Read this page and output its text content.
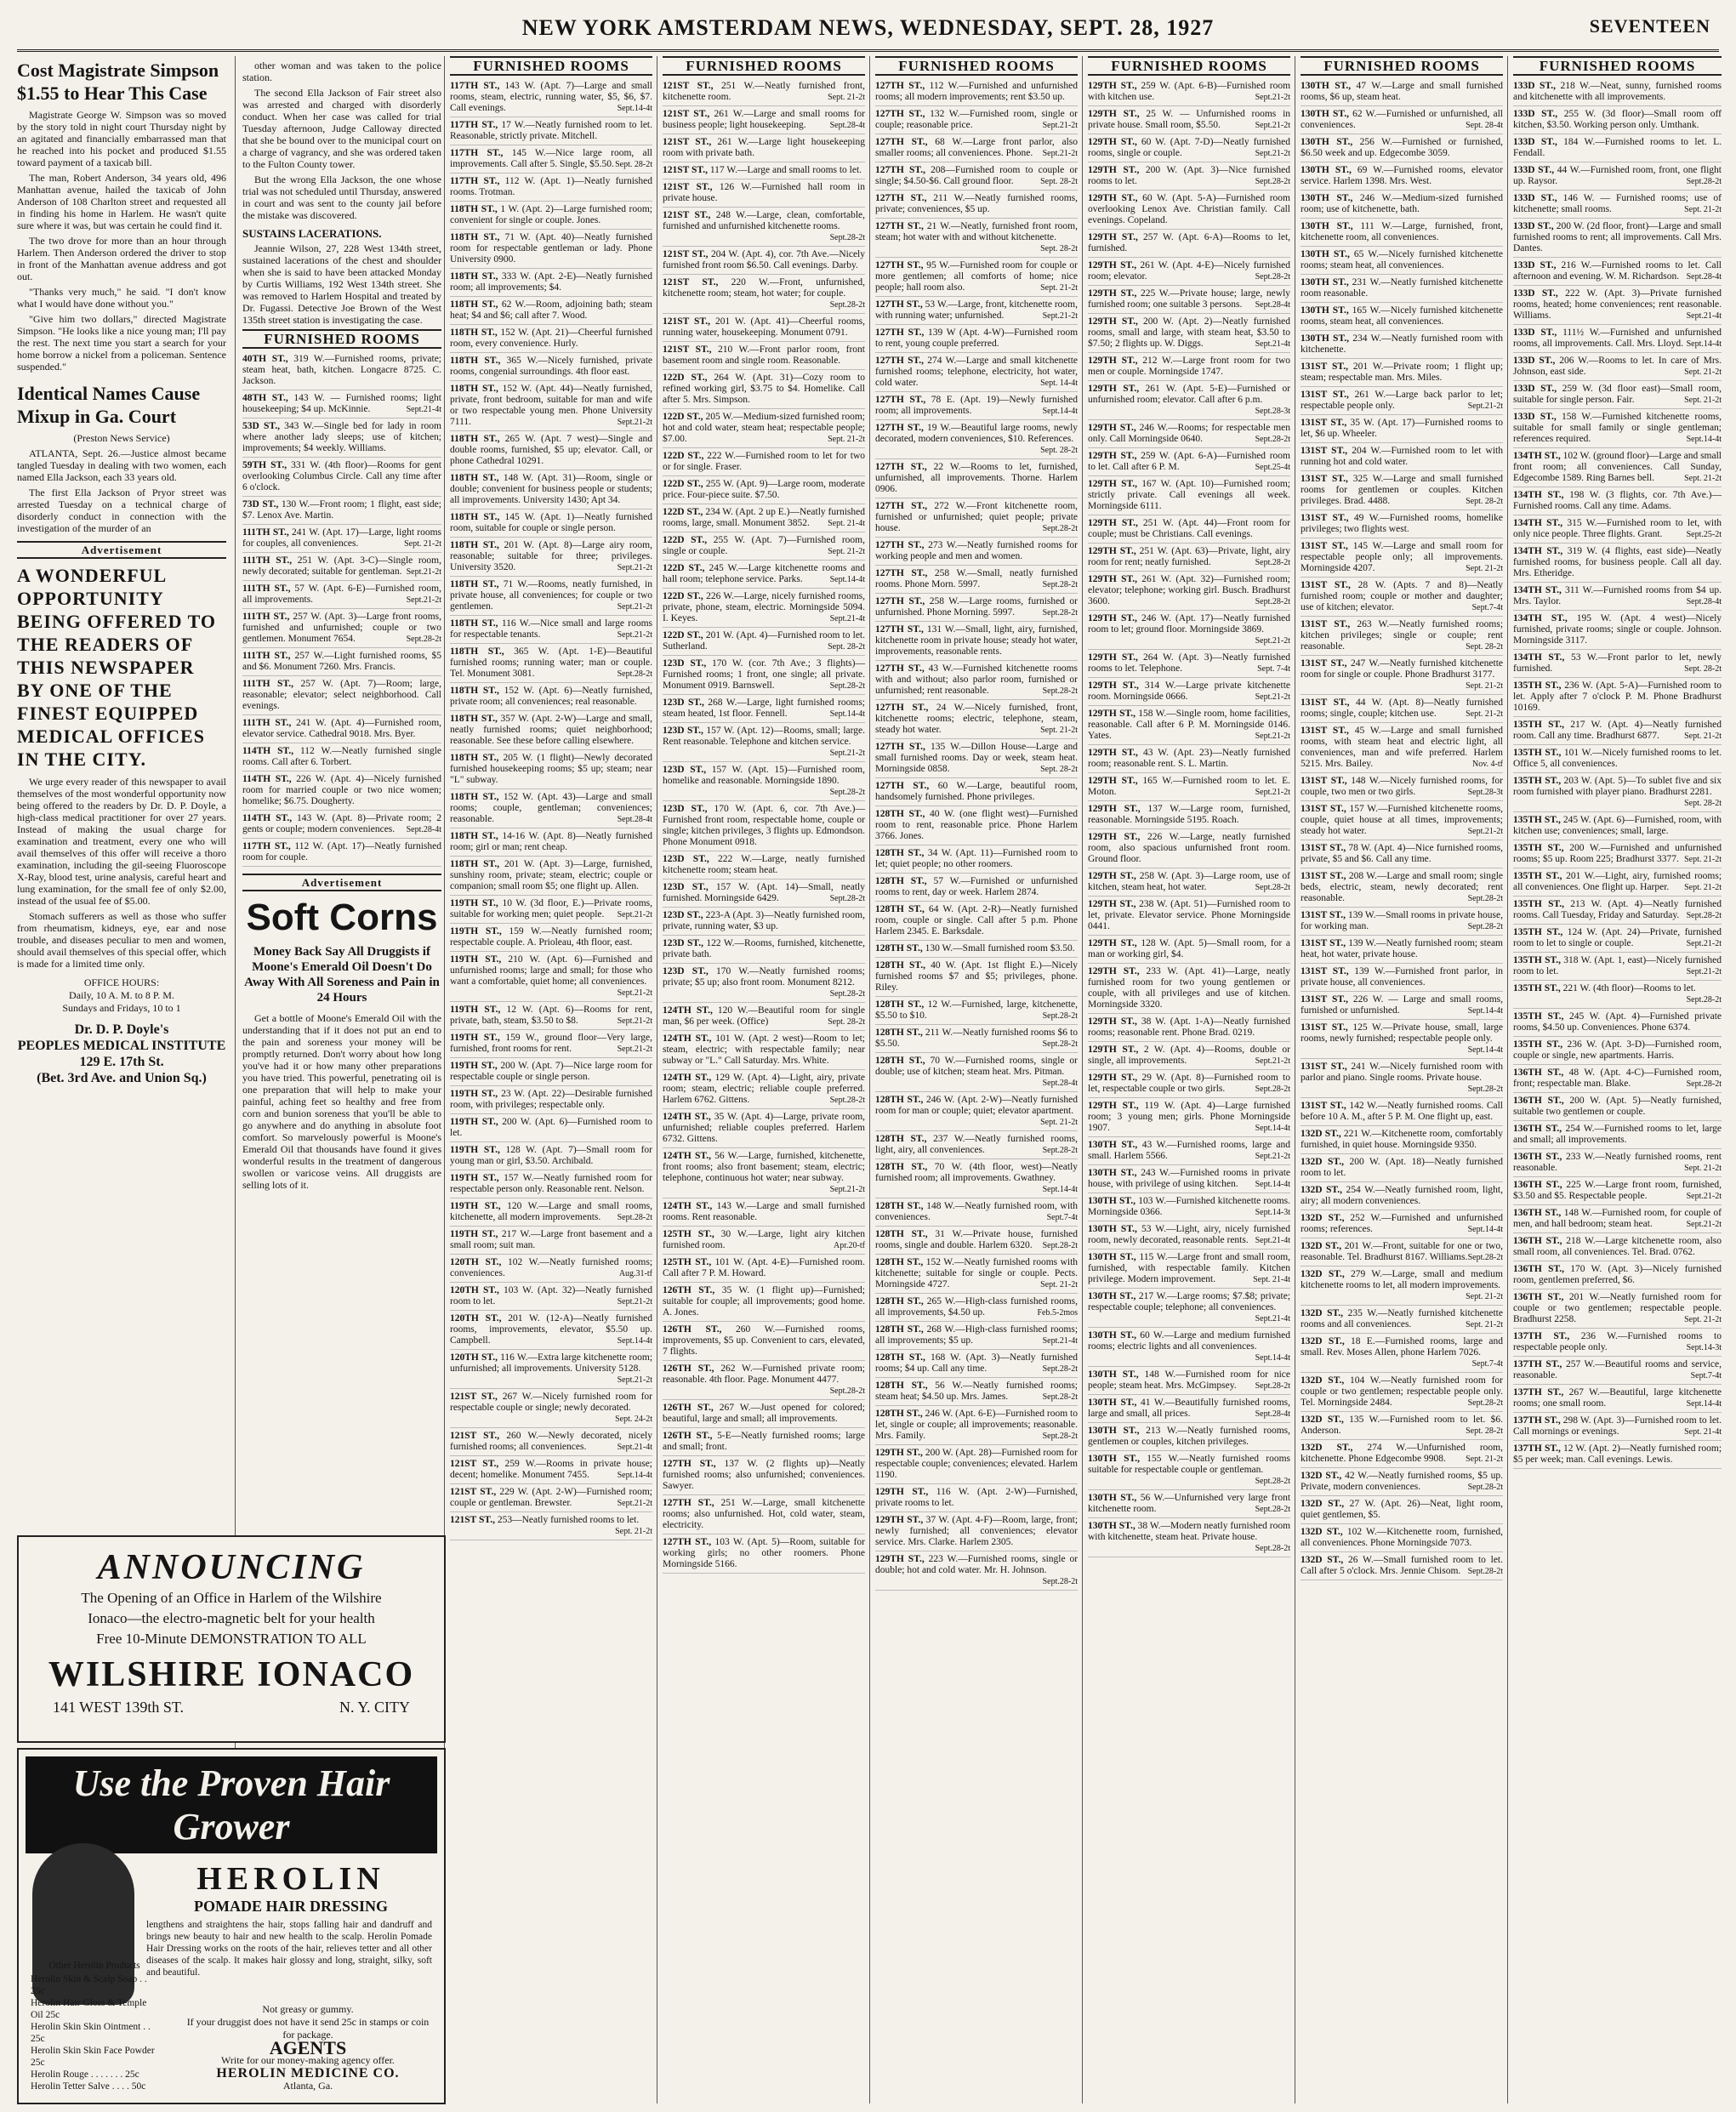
NEW YORK AMSTERDAM NEWS, WEDNESDAY, SEPT. 28, 1927	SEVENTEEN
Cost Magistrate Simpson
$1.55 to Hear This Case

Magistrate George W. Simpson was so moved by the story told in night court Thursday night by an agitated and financially embarrassed man that he reached into his pocket and produced $1.55 toward payment of a taxicab bill.

The man, Robert Anderson, 34 years old, 496 Manhattan avenue, hailed the taxicab of John Anderson of 108 Charlton street and requested all in finding his home in Harlem. He wasn't quite sure where it was, but was certain he could find it.

The two drove for more than an hour through Harlem. Then Anderson ordered the driver to stop in front of the Manhattan avenue address and got out.

"Thanks very much," he said. "I don't know what I would have done without you."

"Give him two dollars," directed Magistrate Simpson. "He looks like a nice young man; I'll pay the rest. The next time you start a search for your home borrow a nickel from a policeman. Sentence suspended."

Identical Names Cause
Mixup in Ga. Court
(Preston News Service)

ATLANTA, Sept. 26.—Justice almost became tangled Tuesday in dealing with two women, each named Ella Jackson, each 33 years old.

The first Ella Jackson of Pryor street was arrested Tuesday on a technical charge of disorderly conduct in connection with the investigation of the murder of an

Advertisement
A WONDERFUL OPPORTUNITY BEING OFFERED TO THE READERS OF THIS NEWSPAPER BY ONE OF THE FINEST EQUIPPED MEDICAL OFFICES IN THE CITY.

We urge every reader of this newspaper to avail themselves of the most wonderful opportunity now being offered to the readers by Dr. D. P. Doyle, a high-class medical practitioner for over 27 years. Instead of making the usual charge for examination and treatment, every one who will avail themselves of this offer will receive a thoro examination, including the gil-seeing Fluoroscope X-Ray, blood test, urine analysis, careful heart and lung examination, for the small fee of only $2.00, instead of the usual fee of $5.00.

Stomach sufferers as well as those who suffer from rheumatism, kidneys, eye, ear and nose trouble, and diseases peculiar to men and women, should avail themselves of this special offer, which is made for a limited time only.

OFFICE HOURS:
Daily, 10 A. M. to 8 P. M.
Sundays and Fridays, 10 to 1
Dr. D. P. Doyle's
PEOPLES MEDICAL INSTITUTE
129 E. 17th St.
(Bet. 3rd Ave. and Union Sq.)

other woman and was taken to the police station.

The second Ella Jackson of Fair street also was arrested and charged with disorderly conduct. When her case was called for trial Tuesday afternoon, Judge Calloway directed that she be bound over to the municipal court on a charge of vagrancy, and she was ordered taken to the Fulton County tower.

But the wrong Ella Jackson, the one whose trial was not scheduled until Thursday, answered in court and was sent to the county jail before the mistake was discovered.

SUSTAINS LACERATIONS.

Jeannie Wilson, 27, 228 West 134th street, sustained lacerations of the chest and shoulder when she is said to have been attacked Monday by Curtis Williams, 192 West 134th street. She was removed to Harlem Hospital and treated by Dr. Fugassi. Detective Joe Brown of the West 135th street station is investigating the case.

FURNISHED ROOMS
40TH ST., 319 W.—Furnished rooms, private; steam heat, bath, kitchen. Longacre 8725. C. Jackson.
48TH ST., 143 W. — Furnished rooms; light housekeeping; $4 up. McKinnie.	Sept.21-4t
53D ST., 343 W.—Single bed for lady in room where another lady sleeps; use of kitchen; improvements; $4 weekly. Williams.
59TH ST., 331 W. (4th floor)—Rooms for gent overlooking Columbus Circle. Call any time after 6 o'clock.
73D ST., 130 W.—Front room; 1 flight, east side; $7. Lenox Ave. Martin.
111TH ST., 241 W. (Apt. 17)—Large, light rooms for couples, all conveniences.	Sept. 21-2t
111TH ST., 251 W. (Apt. 3-C)—Single room, newly decorated; suitable for gentleman. Sept.21-2t
111TH ST., 57 W. (Apt. 6-E)—Furnished room, all improvements.	Sept.21-2t
111TH ST., 257 W. (Apt. 3)—Large front rooms, furnished and unfurnished; couple or two gentlemen. Monument 7654.	Sept.28-2t
111TH ST., 257 W.—Light furnished rooms, $5 and $6. Monument 7260. Mrs. Francis.
111TH ST., 257 W. (Apt. 7)—Room; large, reasonable; elevator; select neighborhood. Call evenings.
111TH ST., 241 W. (Apt. 4)—Furnished room, elevator service. Cathedral 9018. Mrs. Byer.
114TH ST., 112 W.—Neatly furnished single rooms. Call after 6. Torbert.
114TH ST., 226 W. (Apt. 4)—Nicely furnished room for married couple or two nice women; homelike; $6.75. Dougherty.
114TH ST., 143 W. (Apt. 8)—Private room; 2 gents or couple; modern conveniences. Sept.28-4t
117TH ST., 112 W. (Apt. 17)—Neatly furnished room for couple.
Advertisement
Soft Corns
Money Back Say All Druggists if Moone's Emerald Oil Doesn't Do Away With All Soreness and Pain in 24 Hours

Get a bottle of Moone's Emerald Oil with the understanding that if it does not put an end to the pain and soreness your money will be promptly returned. Don't worry about how long you've had it or how many other preparations you have tried. This powerful, penetrating oil is one preparation that will help to make your painful, aching feet so healthy and free from corn and bunion soreness that you'll be able to go anywhere and do anything in absolute foot comfort. So marvelously powerful is Moone's Emerald Oil that thousands have found it gives wonderful results in the treatment of dangerous swollen or varicose veins. All druggists are selling lots of it.

FURNISHED ROOMS
117TH ST., 143 W. (Apt. 7)—Large and small rooms, steam, electric, running water, $5, $6, $7. Call evenings.	Sept.14-4t
117TH ST., 17 W.—Neatly furnished room to let. Reasonable, strictly private. Mitchell.
117TH ST., 145 W.—Nice large room, all improvements. Call after 5. Single, $5.50. Sept. 28-2t
117TH ST., 112 W. (Apt. 1)—Neatly furnished rooms. Trotman.
118TH ST., 1 W. (Apt. 2)—Large furnished room; convenient for single or couple. Jones.
118TH ST., 71 W. (Apt. 40)—Neatly furnished room for respectable gentleman or lady. Phone University 0900.
118TH ST., 333 W. (Apt. 2-E)—Neatly furnished room; all improvements; $4.
118TH ST., 62 W.—Room, adjoining bath; steam heat; $4 and $6; call after 7. Wood.
118TH ST., 152 W. (Apt. 21)—Cheerful furnished room, every convenience. Hurly.
118TH ST., 365 W.—Nicely furnished, private rooms, congenial surroundings. 4th floor east.
118TH ST., 152 W. (Apt. 44)—Neatly furnished, private, front bedroom, suitable for man and wife or two respectable young men. Phone University 7111.	Sept.21-2t
118TH ST., 265 W. (Apt. 7 west)—Single and double rooms, furnished, $5 up; elevator. Call, or phone Cathedral 10291.
118TH ST., 148 W. (Apt. 31)—Room, single or double; convenient for business people or students; all improvements. University 1430; Apt 34.
118TH ST., 145 W. (Apt. 1)—Neatly furnished room, suitable for couple or single person.
118TH ST., 201 W. (Apt. 8)—Large airy room, reasonable; suitable for three; privileges. University 3520.	Sept.21-2t
118TH ST., 71 W.—Rooms, neatly furnished, in private house, all conveniences; for couple or two gentlemen.	Sept.21-2t
118TH ST., 116 W.—Nice small and large rooms for respectable tenants.	Sept.21-2t
118TH ST., 365 W. (Apt. 1-E)—Beautiful furnished rooms; running water; man or couple. Tel. Monument 3081.	Sept.28-2t
118TH ST., 152 W. (Apt. 6)—Neatly furnished, private room; all conveniences; real reasonable.
118TH ST., 357 W. (Apt. 2-W)—Large and small, neatly furnished rooms; quiet neighborhood; reasonable. See these before calling elsewhere.
118TH ST., 205 W. (1 flight)—Newly decorated furnished housekeeping rooms; $5 up; steam; near "L" subway.
118TH ST., 152 W. (Apt. 43)—Large and small rooms; couple, gentleman; conveniences; reasonable.	Sept.28-4t
118TH ST., 14-16 W. (Apt. 8)—Neatly furnished room; girl or man; rent cheap.
118TH ST., 201 W. (Apt. 3)—Large, furnished, sunshiny room, private; steam, electric; couple or companion; small room $5; one flight up. Allen.
119TH ST., 10 W. (3d floor, E.)—Private rooms, suitable for working men; quiet people. Sept.21-2t
119TH ST., 159 W.—Neatly furnished room; respectable couple. A. Prioleau, 4th floor, east.
119TH ST., 210 W. (Apt. 6)—Furnished and unfurnished rooms; large and small; for those who want a comfortable, quiet home; all conveniences.
Sept.21-2t
119TH ST., 12 W. (Apt. 6)—Rooms for rent, private, bath, steam, $3.50 to $8.	Sept.21-2t
119TH ST., 159 W., ground floor—Very large, furnished, front rooms for rent.	Sept.21-2t
119TH ST., 200 W. (Apt. 7)—Nice large room for respectable couple or single person.
119TH ST., 23 W. (Apt. 22)—Desirable furnished room, with privileges; respectable only.
119TH ST., 200 W. (Apt. 6)—Furnished room to let.
119TH ST., 128 W. (Apt. 7)—Small room for young man or girl, $3.50. Archibald.
119TH ST., 157 W.—Neatly furnished room for respectable person only. Reasonable rent. Nelson.
119TH ST., 120 W.—Large and small rooms, kitchenette, all modern improvements. Sept.28-2t
119TH ST., 217 W.—Large front basement and a small room; suit man.
120TH ST., 102 W.—Neatly furnished rooms; conveniences.	Aug.31-tf
120TH ST., 103 W. (Apt. 32)—Neatly furnished room to let.	Sept.21-2t
120TH ST., 201 W. (12-A)—Neatly furnished rooms, improvements, elevator, $5.50 up. Campbell.	Sept.14-4t
120TH ST., 116 W.—Extra large kitchenette room; unfurnished; all improvements. University 5128.
Sept.21-2t
121ST ST., 267 W.—Nicely furnished room for respectable couple or single; newly decorated.
Sept. 24-2t
121ST ST., 260 W.—Newly decorated, nicely furnished rooms; all conveniences.	Sept.21-4t
121ST ST., 259 W.—Rooms in private house; decent; homelike. Monument 7455.	Sept.14-4t
121ST ST., 229 W. (Apt. 2-W)—Furnished room; couple or gentleman. Brewster.	Sept.21-2t
121ST ST., 253—Neatly furnished rooms to let.
Sept. 21-2t
FURNISHED ROOMS
121ST ST., 251 W.—Neatly furnished front, kitchenette room.	Sept. 21-2t
121ST ST., 261 W.—Large and small rooms for business people; light housekeeping.	Sept.28-4t
121ST ST., 261 W.—Large light housekeeping room with private bath.
121ST ST., 117 W.—Large and small rooms to let.
121ST ST., 126 W.—Furnished hall room in private house.
121ST ST., 248 W.—Large, clean, comfortable, furnished and unfurnished kitchenette rooms.
Sept.28-2t
121ST ST., 204 W. (Apt. 4), cor. 7th Ave.—Nicely furnished front room $6.50. Call evenings. Darby.
121ST ST., 220 W.—Front, unfurnished, kitchenette room; steam, hot water; for couple.
Sept.28-2t
121ST ST., 201 W. (Apt. 41)—Cheerful rooms, running water, housekeeping. Monument 0791.
121ST ST., 210 W.—Front parlor room, front basement room and single room. Reasonable.
122D ST., 264 W. (Apt. 31)—Cozy room to refined working girl, $3.75 to $4. Homelike. Call after 5. Mrs. Simpson.
122D ST., 205 W.—Medium-sized furnished room; hot and cold water, steam heat; respectable people; $7.00.	Sept. 21-2t
122D ST., 222 W.—Furnished room to let for two or for single. Fraser.
122D ST., 255 W. (Apt. 9)—Large room, moderate price. Four-piece suite. $7.50.
122D ST., 234 W. (Apt. 2 up E.)—Neatly furnished rooms, large, small. Monument 3852. Sept. 21-4t
122D ST., 255 W. (Apt. 7)—Furnished room, single or couple.	Sept. 21-2t
122D ST., 245 W.—Large kitchenette rooms and hall room; telephone service. Parks.	Sept.14-4t
122D ST., 226 W.—Large, nicely furnished rooms, private, phone, steam, electric. Morningside 5094. I. Keyes.	Sept.21-4t
122D ST., 201 W. (Apt. 4)—Furnished room to let. Sutherland.	Sept. 28-2t
123D ST., 170 W. (cor. 7th Ave.; 3 flights)—Furnished rooms; 1 front, one single; all private. Monument 0919. Barnswell.	Sept.28-2t
123D ST., 268 W.—Large, light furnished rooms; steam heated, 1st floor. Fennell.	Sept.14-4t
123D ST., 157 W. (Apt. 12)—Rooms, small; large. Rent reasonable. Telephone and kitchen service.
Sept.21-2t
123D ST., 157 W. (Apt. 15)—Furnished room, homelike and reasonable. Morningside 1890.
Sept.28-2t
123D ST., 170 W. (Apt. 6, cor. 7th Ave.)—Furnished front room, respectable home, couple or single; kitchen privileges, 3 flights up. Edmondson. Phone Monument 0918.
123D ST., 222 W.—Large, neatly furnished kitchenette room; steam heat.
123D ST., 157 W. (Apt. 14)—Small, neatly furnished. Morningside 6429.	Sept.28-2t
123D ST., 223-A (Apt. 3)—Neatly furnished room, private, running water, $3 up.
123D ST., 122 W.—Rooms, furnished, kitchenette, private bath.
123D ST., 170 W.—Neatly furnished rooms; private; $5 up; also front room. Monument 8212.
Sept.28-2t
124TH ST., 120 W.—Beautiful room for single man, $6 per week. (Office)	Sept. 28-2t
124TH ST., 101 W. (Apt. 2 west)—Room to let; steam, electric; with respectable family; near subway or "L." Call Saturday. Mrs. White.
124TH ST., 129 W. (Apt. 4)—Light, airy, private room; steam, electric; reliable couple preferred. Harlem 6762. Gittens.	Sept.28-2t
124TH ST., 35 W. (Apt. 4)—Large, private room, unfurnished; reliable couples preferred. Harlem 6732. Gittens.
124TH ST., 56 W.—Large, furnished, kitchenette, front rooms; also front basement; steam, electric; telephone, continuous hot water; near subway.
Sept.21-2t
124TH ST., 143 W.—Large and small furnished rooms. Rent reasonable.
125TH ST., 30 W.—Large, light airy kitchen furnished room.	Apr.20-tf
125TH ST., 101 W. (Apt. 4-E)—Furnished room. Call after 7 P. M. Howard.
126TH ST., 35 W. (1 flight up)—Furnished; suitable for couple; all improvements; good home. A. Jones.
126TH ST., 260 W.—Furnished rooms, improvements, $5 up. Convenient to cars, elevated, 7 flights.
126TH ST., 262 W.—Furnished private room; reasonable. 4th floor. Page. Monument 4477.
Sept.28-2t
126TH ST., 267 W.—Just opened for colored; beautiful, large and small; all improvements.
126TH ST., 5-E—Neatly furnished rooms; large and small; front.
127TH ST., 137 W. (2 flights up)—Neatly furnished rooms; also unfurnished; conveniences. Sawyer.
127TH ST., 251 W.—Large, small kitchenette rooms; also unfurnished. Hot, cold water, steam, electricity.
127TH ST., 103 W. (Apt. 5)—Room, suitable for working girls; no other roomers. Phone Morningside 5166.
FURNISHED ROOMS
127TH ST., 112 W.—Furnished and unfurnished rooms; all modern improvements; rent $3.50 up.
127TH ST., 132 W.—Furnished room, single or couple; reasonable price.	Sept.21-2t
127TH ST., 68 W.—Large front parlor, also smaller rooms; all conveniences. Phone. Sept.21-2t
127TH ST., 208—Furnished room to couple or single; $4.50-$6. Call ground floor.	Sept. 28-2t
127TH ST., 211 W.—Neatly furnished rooms, private; conveniences, $5 up.
127TH ST., 21 W.—Neatly, furnished front room, steam; hot water with and without kitchenette.
Sept. 28-2t
127TH ST., 95 W.—Furnished room for couple or more gentlemen; all comforts of home; nice people; hall room also.	Sept. 21-2t
127TH ST., 53 W.—Large, front, kitchenette room, with running water; unfurnished.	Sept.21-2t
127TH ST., 139 W (Apt. 4-W)—Furnished room to rent, young couple preferred.
127TH ST., 274 W.—Large and small kitchenette furnished rooms; telephone, electricity, hot water, cold water.	Sept. 14-4t
127TH ST., 78 E. (Apt. 19)—Newly furnished room; all improvements.	Sept.14-4t
127TH ST., 19 W.—Beautiful large rooms, newly decorated, modern conveniences, $10. References.
Sept. 28-2t
127TH ST., 22 W.—Rooms to let, furnished, unfurnished, all improvements. Thorne. Harlem 0906.
127TH ST., 272 W.—Front kitchenette room, furnished or unfurnished; quiet people; private house.	Sept.28-2t
127TH ST., 273 W.—Neatly furnished rooms for working people and men and women.
127TH ST., 258 W.—Small, neatly furnished rooms. Phone Morn. 5997.	Sept.28-2t
127TH ST., 258 W.—Large rooms, furnished or unfurnished. Phone Morning. 5997.	Sept.28-2t
127TH ST., 131 W.—Small, light, airy, furnished, kitchenette room in private house; steady hot water, improvements, reasonable rents.
127TH ST., 43 W.—Furnished kitchenette rooms with and without; also parlor room, furnished or unfurnished; rent reasonable.	Sept.28-2t
127TH ST., 24 W.—Nicely furnished, front, kitchenette rooms; electric, telephone, steam, steady hot water.	Sept. 21-2t
127TH ST., 135 W.—Dillon House—Large and small furnished rooms. Day or week, steam heat. Morningside 0858.	Sept. 28-2t
127TH ST., 60 W.—Large, beautiful room, handsomely furnished. Phone privileges.
128TH ST., 40 W. (one flight west)—Furnished room to rent, reasonable price. Phone Harlem 3766. Jones.
128TH ST., 34 W. (Apt. 11)—Furnished room to let; quiet people; no other roomers.
128TH ST., 57 W.—Furnished or unfurnished rooms to rent, day or week. Harlem 2874.
128TH ST., 64 W. (Apt. 2-R)—Neatly furnished room, couple or single. Call after 5 p.m. Phone Harlem 2345. E. Barksdale.
128TH ST., 130 W.—Small furnished room $3.50.
128TH ST., 40 W. (Apt. 1st flight E.)—Nicely furnished rooms $7 and $5; privileges, phone. Riley.
128TH ST., 12 W.—Furnished, large, kitchenette, $5.50 to $10.	Sept.28-2t
128TH ST., 211 W.—Neatly furnished rooms $6 to $5.50.	Sept.28-2t
128TH ST., 70 W.—Furnished rooms, single or double; use of kitchen; steam heat. Mrs. Pitman.
Sept.28-4t
128TH ST., 246 W. (Apt. 2-W)—Neatly furnished room for man or couple; quiet; elevator apartment.
Sept. 21-2t
128TH ST., 237 W.—Neatly furnished rooms, light, airy, all conveniences.	Sept.28-2t
128TH ST., 70 W. (4th floor, west)—Neatly furnished room; all improvements. Gwathney.
Sept.14-4t
128TH ST., 148 W.—Neatly furnished room, with conveniences.	Sept.7-4t
128TH ST., 31 W.—Private house, furnished rooms, single and double. Harlem 6320. Sept.28-2t
128TH ST., 152 W.—Neatly furnished rooms with kitchenette; suitable for single or couple. Pects. Morningside 4727.	Sept. 21-2t
128TH ST., 265 W.—High-class furnished rooms, all improvements, $4.50 up.	Feb.5-2mos
128TH ST., 268 W.—High-class furnished rooms; all improvements; $5 up.	Sept.21-4t
128TH ST., 168 W. (Apt. 3)—Neatly furnished rooms; $4 up. Call any time.	Sept.28-2t
128TH ST., 56 W.—Neatly furnished rooms; steam heat; $4.50 up. Mrs. James.	Sept.28-2t
128TH ST., 246 W. (Apt. 6-E)—Furnished room to let, single or couple; all improvements; reasonable. Mrs. Family.	Sept.28-2t
129TH ST., 200 W. (Apt. 28)—Furnished room for respectable couple; conveniences; elevated. Harlem 1190.
129TH ST., 116 W. (Apt. 2-W)—Furnished, private rooms to let.
129TH ST., 37 W. (Apt. 4-F)—Room, large, front; newly furnished; all conveniences; elevator service. Mrs. Clarke. Harlem 2305.
129TH ST., 223 W.—Furnished rooms, single or double; hot and cold water. Mr. H. Johnson.
Sept.28-2t
FURNISHED ROOMS
129TH ST., 259 W. (Apt. 6-B)—Furnished room with kitchen use.	Sept.21-2t
129TH ST., 25 W. — Unfurnished rooms in private house. Small room, $5.50.	Sept.21-2t
129TH ST., 60 W. (Apt. 7-D)—Neatly furnished rooms, single or couple.	Sept.21-2t
129TH ST., 200 W. (Apt. 3)—Nice furnished rooms to let.	Sept.28-2t
129TH ST., 60 W. (Apt. 5-A)—Furnished room overlooking Lenox Ave. Christian family. Call evenings. Copeland.
129TH ST., 257 W. (Apt. 6-A)—Rooms to let, furnished.
129TH ST., 261 W. (Apt. 4-E)—Nicely furnished room; elevator.	Sept.28-2t
129TH ST., 225 W.—Private house; large, newly furnished room; one suitable 3 persons. Sept.28-4t
129TH ST., 200 W. (Apt. 2)—Neatly furnished rooms, small and large, with steam heat, $3.50 to $7.50; 2 flights up. W. Diggs.	Sept.21-4t
129TH ST., 212 W.—Large front room for two men or couple. Morningside 1747.
129TH ST., 261 W. (Apt. 5-E)—Furnished or unfurnished room; elevator. Call after 6 p.m.
Sept.28-3t
129TH ST., 246 W.—Rooms; for respectable men only. Call Morningside 0640.	Sept.28-2t
129TH ST., 259 W. (Apt. 6-A)—Furnished room to let. Call after 6 P. M.	Sept.25-4t
129TH ST., 167 W. (Apt. 10)—Furnished room; strictly private. Call evenings all week. Morningside 6111.
129TH ST., 251 W. (Apt. 44)—Front room for couple; must be Christians. Call evenings.
129TH ST., 251 W. (Apt. 63)—Private, light, airy room for rent; neatly furnished.	Sept.28-2t
129TH ST., 261 W. (Apt. 32)—Furnished room; elevator; telephone; working girl. Busch. Bradhurst 3600.	Sept.28-2t
129TH ST., 246 W. (Apt. 17)—Neatly furnished room to let; ground floor. Morningside 3869.
Sept.21-2t
129TH ST., 264 W. (Apt. 3)—Neatly furnished rooms to let. Telephone.	Sept. 7-4t
129TH ST., 314 W.—Large private kitchenette room. Morningside 0666.	Sept.21-2t
129TH ST., 158 W.—Single room, home facilities, reasonable. Call after 6 P. M. Morningside 0146. Yates.	Sept.21-2t
129TH ST., 43 W. (Apt. 23)—Neatly furnished room; reasonable rent. S. L. Martin.
129TH ST., 165 W.—Furnished room to let. E. Moton.	Sept.21-2t
129TH ST., 137 W.—Large room, furnished, reasonable. Morningside 5195. Roach.
129TH ST., 226 W.—Large, neatly furnished room, also spacious unfurnished front room. Ground floor.
129TH ST., 258 W. (Apt. 3)—Large room, use of kitchen, steam heat, hot water.	Sept.28-2t
129TH ST., 238 W. (Apt. 51)—Furnished room to let, private. Elevator service. Phone Morningside 0441.
129TH ST., 128 W. (Apt. 5)—Small room, for a man or working girl, $4.
129TH ST., 233 W. (Apt. 41)—Large, neatly furnished room for two young gentlemen or couple, with all privileges and use of kitchen. Morningside 3320.
129TH ST., 38 W. (Apt. 1-A)—Neatly furnished rooms; reasonable rent. Phone Brad. 0219.
129TH ST., 2 W. (Apt. 4)—Rooms, double or single, all improvements.	Sept.21-2t
129TH ST., 29 W. (Apt. 8)—Furnished room to let, respectable couple or two girls.	Sept.28-2t
129TH ST., 119 W. (Apt. 4)—Large furnished room; 3 young men; girls. Phone Morningside 1907.	Sept.14-4t
130TH ST., 43 W.—Furnished rooms, large and small. Harlem 5566.	Sept.21-2t
130TH ST., 243 W.—Furnished rooms in private house, with privilege of using kitchen. Sept.14-4t
130TH ST., 103 W.—Furnished kitchenette rooms. Morningside 0366.	Sept.14-3t
130TH ST., 53 W.—Light, airy, nicely furnished room, newly decorated, reasonable rents. Sept.21-4t
130TH ST., 115 W.—Large front and small room, furnished, with respectable family. Kitchen privilege. Modern improvement.	Sept. 21-4t
130TH ST., 217 W.—Large rooms; $7.$8; private; respectable couple; telephone; all conveniences.
Sept.21-4t
130TH ST., 60 W.—Large and medium furnished rooms; electric lights and all conveniences.
Sept.14-4t
130TH ST., 148 W.—Furnished room for nice people; steam heat. Mrs. McGimpsey. Sept.28-2t
130TH ST., 41 W.—Beautifully furnished rooms, large and small, all prices.	Sept.28-4t
130TH ST., 213 W.—Neatly furnished rooms, gentlemen or couples, kitchen privileges.
130TH ST., 155 W.—Neatly furnished rooms suitable for respectable couple or gentleman.
Sept.28-2t
130TH ST., 56 W.—Unfurnished very large front kitchenette room.	Sept.28-2t
130TH ST., 38 W.—Modern neatly furnished room with kitchenette, steam heat. Private house.
Sept.28-2t
FURNISHED ROOMS
130TH ST., 47 W.—Large and small furnished rooms, $6 up, steam heat.
130TH ST., 62 W.—Furnished or unfurnished, all conveniences.	Sept. 28-4t
130TH ST., 256 W.—Furnished or furnished, $6.50 week and up. Edgecombe 3059.
130TH ST., 69 W.—Furnished rooms, elevator service. Harlem 1398. Mrs. West.
130TH ST., 246 W.—Medium-sized furnished room; use of kitchenette, bath.
130TH ST., 111 W.—Large, furnished, front, kitchenette room, all conveniences.
130TH ST., 65 W.—Nicely furnished kitchenette rooms; steam heat, all conveniences.
130TH ST., 231 W.—Neatly furnished kitchenette room reasonable.
130TH ST., 165 W.—Nicely furnished kitchenette rooms, steam heat, all conveniences.
130TH ST., 234 W.—Neatly furnished room with kitchenette.
131ST ST., 201 W.—Private room; 1 flight up; steam; respectable man. Mrs. Miles.
131ST ST., 261 W.—Large back parlor to let; respectable people only.	Sept.21-2t
131ST ST., 35 W. (Apt. 17)—Furnished rooms to let, $6 up. Wheeler.
131ST ST., 204 W.—Furnished room to let with running hot and cold water.
131ST ST., 325 W.—Large and small furnished rooms for gentlemen or couples. Kitchen privileges. Brad. 4488.	Sept. 28-2t
131ST ST., 49 W.—Furnished rooms, homelike privileges; two flights west.
131ST ST., 145 W.—Large and small room for respectable people only; all improvements. Morningside 4207.	Sept. 21-2t
131ST ST., 28 W. (Apts. 7 and 8)—Neatly furnished room; couple or mother and daughter; use of kitchen; elevator.	Sept.7-4t
131ST ST., 263 W.—Neatly furnished rooms; kitchen privileges; single or couple; rent reasonable.	Sept. 28-2t
131ST ST., 247 W.—Neatly furnished kitchenette room for single or couple. Phone Bradhurst 3177.
Sept. 21-2t
131ST ST., 44 W. (Apt. 8)—Neatly furnished rooms; single, couple; kitchen use.	Sept. 21-2t
131ST ST., 45 W.—Large and small furnished rooms, with steam heat and electric light, all conveniences, man and wife preferred. Harlem 5215. Mrs. Bailey.	Nov. 4-tf
131ST ST., 148 W.—Nicely furnished rooms, for couple, two men or two girls.	Sept.28-3t
131ST ST., 157 W.—Furnished kitchenette rooms, couple, quiet house at all times, improvements; steady hot water.	Sept.21-2t
131ST ST., 78 W. (Apt. 4)—Nice furnished rooms, private, $5 and $6. Call any time.
131ST ST., 208 W.—Large and small room; single beds, electric, steam, newly decorated; rent reasonable.	Sept.28-2t
131ST ST., 139 W.—Small rooms in private house, for working man.	Sept.28-2t
131ST ST., 139 W.—Neatly furnished room; steam heat, hot water, private house.
131ST ST., 139 W.—Furnished front parlor, in private house, all conveniences.
131ST ST., 226 W. — Large and small rooms, furnished or unfurnished.	Sept.14-4t
131ST ST., 125 W.—Private house, small, large rooms, newly furnished; respectable people only.
Sept.14-4t
131ST ST., 241 W.—Nicely furnished room with parlor and piano. Single rooms. Private house.
Sept.28-2t
131ST ST., 142 W.—Neatly furnished rooms. Call before 10 A. M., after 5 P. M. One flight up, east.
132D ST., 221 W.—Kitchenette room, comfortably furnished, in quiet house. Morningside 9350.
132D ST., 200 W. (Apt. 18)—Neatly furnished room to let.
132D ST., 254 W.—Neatly furnished room, light, airy; all modern conveniences.
132D ST., 252 W.—Furnished and unfurnished rooms; references.	Sept.14-4t
132D ST., 201 W.—Front, suitable for one or two, reasonable. Tel. Bradhurst 8167. Williams. Sept.28-2t
132D ST., 279 W.—Large, small and medium kitchenette rooms to let, all modern improvements.
Sept. 21-2t
132D ST., 235 W.—Neatly furnished kitchenette rooms and all conveniences.	Sept. 21-2t
132D ST., 18 E.—Furnished rooms, large and small. Rev. Moses Allen, phone Harlem 7026.
Sept.7-4t
132D ST., 104 W.—Neatly furnished room for couple or two gentlemen; respectable people only. Tel. Morningside 2484.	Sept.28-2t
132D ST., 135 W.—Furnished room to let. $6. Anderson.	Sept. 28-2t
132D ST., 274 W.—Unfurnished room, kitchenette. Phone Edgecombe 9908. Sept. 21-2t
132D ST., 42 W.—Neatly furnished rooms, $5 up. Private, modern conveniences.	Sept.28-2t
132D ST., 27 W. (Apt. 26)—Neat, light room, quiet gentlemen, $5.
132D ST., 102 W.—Kitchenette room, furnished, all conveniences. Phone Morningside 7073.
132D ST., 26 W.—Small furnished room to let. Call after 5 o'clock. Mrs. Jennie Chisom. Sept.28-2t
FURNISHED ROOMS
133D ST., 218 W.—Neat, sunny, furnished rooms and kitchenette with all improvements.
133D ST., 255 W. (3d floor)—Small room off kitchen, $3.50. Working person only. Umthank.
133D ST., 184 W.—Furnished rooms to let. L. Fendall.
133D ST., 44 W.—Furnished room, front, one flight up. Raysor.	Sept.28-2t
133D ST., 146 W. — Furnished rooms; use of kitchenette; small rooms.	Sept. 21-2t
133D ST., 200 W. (2d floor, front)—Large and small furnished rooms to rent; all improvements. Call Mrs. Dantes.
133D ST., 216 W.—Furnished rooms to let. Call afternoon and evening. W. M. Richardson. Sept.28-4t
133D ST., 222 W. (Apt. 3)—Private furnished rooms, heated; home conveniences; rent reasonable. Williams.	Sept.21-4t
133D ST., 111½ W.—Furnished and unfurnished rooms, all improvements. Call. Mrs. Lloyd. Sept.14-4t
133D ST., 206 W.—Rooms to let. In care of Mrs. Johnson, east side.	Sept. 21-2t
133D ST., 259 W. (3d floor east)—Small room, suitable for single person. Fair.	Sept. 21-2t
133D ST., 158 W.—Furnished kitchenette rooms, suitable for small family or single gentleman; references required.	Sept.14-4t
134TH ST., 102 W. (ground floor)—Large and small front room; all conveniences. Call Sunday, Edgecombe 1589. Ring Barnes bell.	Sept. 21-2t
134TH ST., 198 W. (3 flights, cor. 7th Ave.)—Furnished rooms. Call any time. Adams.
134TH ST., 315 W.—Furnished room to let, with only nice people. Three flights. Grant.	Sept.25-2t
134TH ST., 319 W. (4 flights, east side)—Neatly furnished rooms, for business people. Call all day. Mrs. Etheridge.
134TH ST., 311 W.—Furnished rooms from $4 up. Mrs. Taylor.	Sept.28-4t
134TH ST., 195 W. (Apt. 4 west)—Nicely furnished, private rooms; single or couple. Johnson. Morningside 3117.
134TH ST., 53 W.—Front parlor to let, newly furnished.	Sept. 28-2t
135TH ST., 236 W. (Apt. 5-A)—Furnished room to let. Apply after 7 o'clock P. M. Phone Bradhurst 10169.
135TH ST., 217 W. (Apt. 4)—Neatly furnished room. Call any time. Bradhurst 6877.	Sept. 21-2t
135TH ST., 101 W.—Nicely furnished rooms to let. Office 5, all conveniences.
135TH ST., 203 W. (Apt. 5)—To sublet five and six room furnished with player piano. Bradhurst 2281.
Sept. 28-2t
135TH ST., 245 W. (Apt. 6)—Furnished, room, with kitchen use; conveniences; small, large.
135TH ST., 200 W.—Furnished and unfurnished rooms; $5 up. Room 225; Bradhurst 3377. Sept. 21-2t
135TH ST., 201 W.—Light, airy, furnished rooms; all conveniences. One flight up. Harper. Sept. 21-2t
135TH ST., 213 W. (Apt. 4)—Neatly furnished rooms. Call Tuesday, Friday and Saturday. Sept.28-2t
135TH ST., 124 W. (Apt. 24)—Private, furnished room to let to single or couple.	Sept.21-2t
135TH ST., 318 W. (Apt. 1, east)—Nicely furnished room to let.	Sept.21-2t
135TH ST., 221 W. (4th floor)—Rooms to let.
Sept.28-2t
135TH ST., 245 W. (Apt. 4)—Furnished private rooms, $4.50 up. Conveniences. Phone 6374.
135TH ST., 236 W. (Apt. 3-D)—Furnished room, couple or single, new apartments. Harris.
136TH ST., 48 W. (Apt. 4-C)—Furnished room, front; respectable man. Blake.	Sept.28-2t
136TH ST., 200 W. (Apt. 5)—Neatly furnished, suitable two gentlemen or couple.
136TH ST., 254 W.—Furnished rooms to let, large and small; all improvements.
136TH ST., 233 W.—Neatly furnished rooms, rent reasonable.	Sept. 21-2t
136TH ST., 225 W.—Large front room, furnished, $3.50 and $5. Respectable people.	Sept.21-2t
136TH ST., 148 W.—Furnished room, for couple of men, and hall bedroom; steam heat.	Sept.21-2t
136TH ST., 218 W.—Large kitchenette room, also small room, all conveniences. Tel. Brad. 0762.
136TH ST., 170 W. (Apt. 3)—Nicely furnished room, gentlemen preferred, $6.
136TH ST., 201 W.—Neatly furnished room for couple or two gentlemen; respectable people. Bradhurst 2258.	Sept. 21-2t
137TH ST., 236 W.—Furnished rooms to respectable people only.	Sept.14-3t
137TH ST., 257 W.—Beautiful rooms and service, reasonable.	Sept.7-4t
137TH ST., 267 W.—Beautiful, large kitchenette rooms; one small room.	Sept.14-4t
137TH ST., 298 W. (Apt. 3)—Furnished room to let. Call mornings or evenings.	Sept. 21-4t
137TH ST., 12 W. (Apt. 2)—Neatly furnished room; $5 per week; man. Call evenings. Lewis.
ANNOUNCING
The Opening of an Office in Harlem of the Wilshire
Ionaco—the electro-magnetic belt for your health
Free 10-Minute DEMONSTRATION TO ALL
WILSHIRE IONACO
141 WEST 139th ST.	N. Y. CITY
Use the Proven Hair Grower
HEROLIN
POMADE HAIR DRESSING
lengthens and straightens the hair, stops falling hair and dandruff and brings new beauty to hair and new health to the scalp. Herolin Pomade Hair Dressing works on the roots of the hair, relieves tetter and all other diseases of the scalp. It makes hair glossy and long, straight, silky, soft and beautiful.
Other Herolin Products
Herolin Skin & Scalp Soap . . 25c
Herolin Hair Gloss & Temple Oil 25c
Herolin Skin Skin Ointment . . 25c
Herolin Skin Skin Face Powder 25c
Herolin Rouge . . . . . . . 25c
Herolin Tetter Salve . . . . 50c
Not greasy or gummy.
If your druggist does not have it send 25c in stamps or coin for package.
AGENTS
Write for our money-making agency offer.
HEROLIN MEDICINE CO.
Atlanta, Ga.
